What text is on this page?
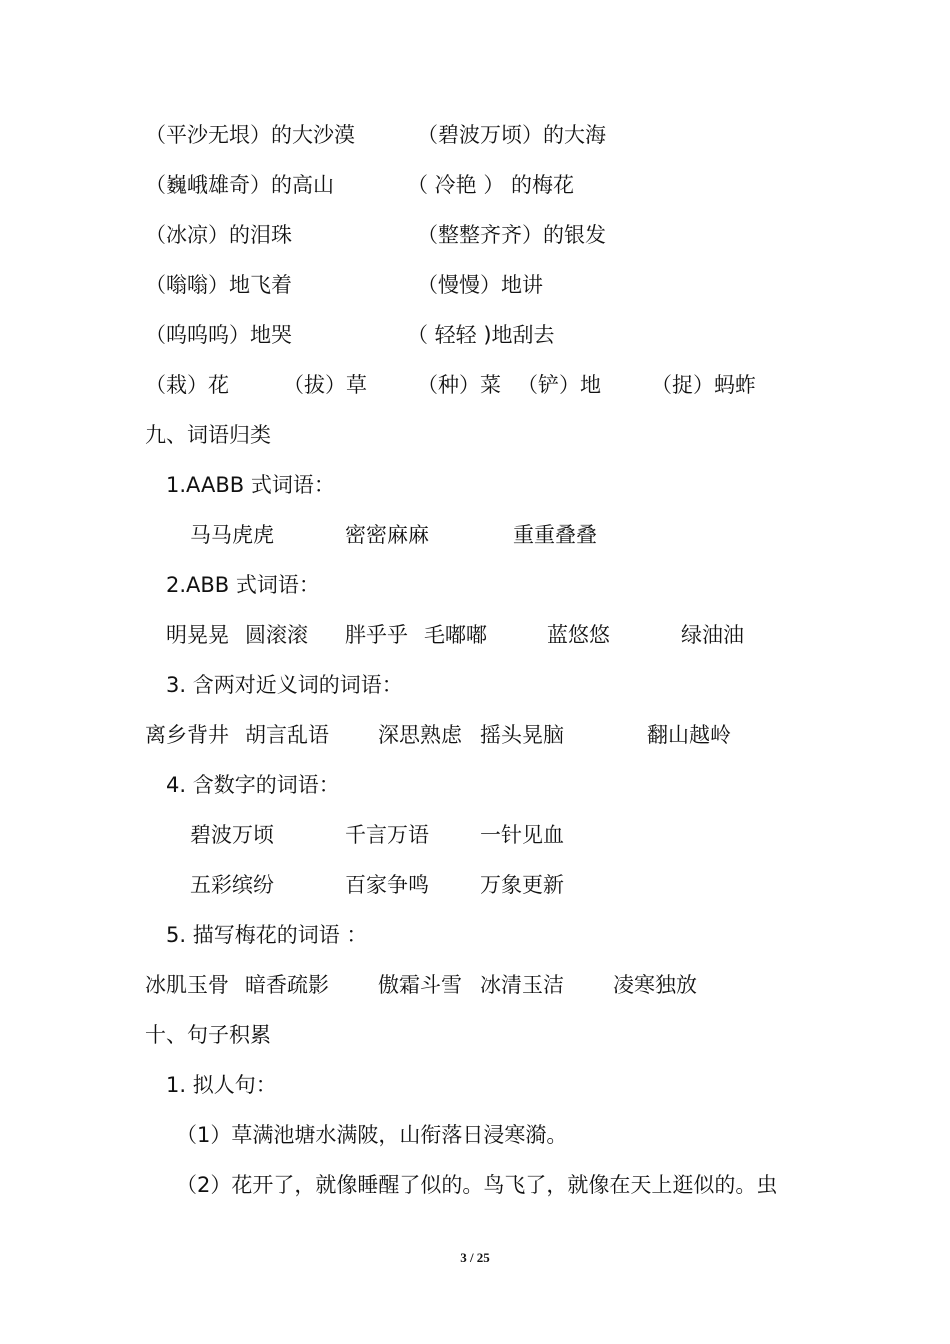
（平沙无垠）的大沙漠	（碧波万顷）的大海
（巍峨雄奇）的高山	（ 冷艳 ） 的梅花
（冰凉）的泪珠	（整整齐齐）的银发
（嗡嗡）地飞着	（慢慢）地讲
（呜呜呜）地哭	（ 轻轻 )地刮去
（栽）花	（拔）草 （种）菜 （铲）地 （捉）蚂蚱
九、词语归类
1.AABB 式词语：
马马虎虎	密密麻麻	重重叠叠
2.ABB 式词语：
明晃晃 圆滚滚 胖乎乎 毛嘟嘟	蓝悠悠	绿油油
3. 含两对近义词的词语：
离乡背井 胡言乱语 深思熟虑 摇头晃脑	翻山越岭
4. 含数字的词语：
碧波万顷	千言万语 一针见血
五彩缤纷	百家争鸣 万象更新
5. 描写梅花的词语 ：
冰肌玉骨 暗香疏影 傲霜斗雪 冰清玉洁 凌寒独放
十、句子积累
1. 拟人句：
（1）草满池塘水满陂，山衔落日浸寒漪。
（2）花开了，就像睡醒了似的。鸟飞了，就像在天上逛似的。虫
3 / 25
